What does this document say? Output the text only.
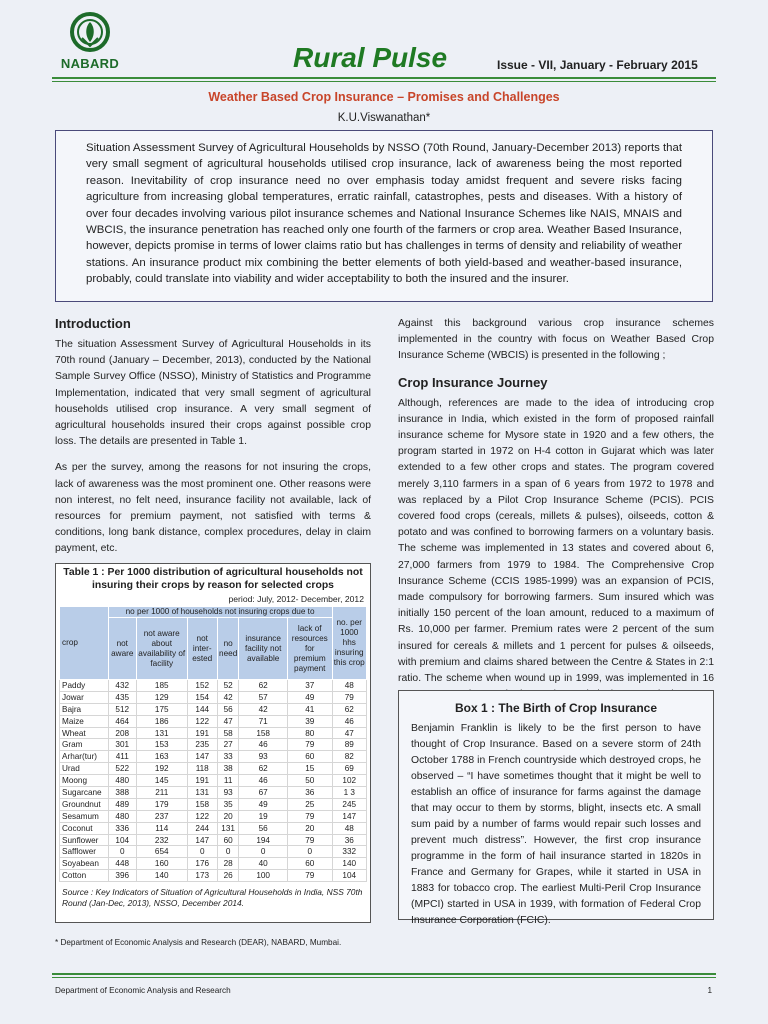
NABARD	Rural Pulse	Issue - VII, January - February 2015
Weather Based Crop Insurance – Promises and Challenges
K.U.Viswanathan*
Situation Assessment Survey of Agricultural Households by NSSO (70th Round, January-December 2013) reports that very small segment of agricultural households utilised crop insurance, lack of awareness being the most reported reason. Inevitability of crop insurance need no over emphasis today amidst frequent and severe risks facing agriculture from increasing global temperatures, erratic rainfall, catastrophes, pests and diseases. With a history of over four decades involving various pilot insurance schemes and National Insurance Schemes like NAIS, MNAIS and WBCIS, the insurance penetration has reached only one fourth of the farmers or crop area. Weather Based Insurance, however, depicts promise in terms of lower claims ratio but has challenges in terms of density and reliability of weather stations. An insurance product mix combining the better elements of both yield-based and weather-based insurance, probably, could translate into viability and wider acceptability to both the insured and the insurer.
Introduction

The situation Assessment Survey of Agricultural Households in its 70th round (January – December, 2013), conducted by the National Sample Survey Office (NSSO), Ministry of Statistics and Programme Implementation, indicated that very small segment of agricultural households utilised crop insurance. A very small segment of agricultural households insured their crops against possible crop loss. The details are presented in Table 1.

As per the survey, among the reasons for not insuring the crops, lack of awareness was the most prominent one. Other reasons were non interest, no felt need, insurance facility not available, lack of resources for premium payment, not satisfied with terms & conditions, long bank distance, complex procedures, delay in claim payment, etc.

Table 1 : Per 1000 distribution of agricultural households not insuring their crops by reason for selected crops
period: July, 2012- December, 2012
crop	no per 1000 of households not insuring crops due to						no. per 1000 hhs insuring this crop
	not aware	not aware about availability of facility	not inter-ested	no need	insurance facility not available	lack of resources for premium payment	
Paddy	432	185	152	52	62	37	48
Jowar	435	129	154	42	57	49	79
Bajra	512	175	144	56	42	41	62
Maize	464	186	122	47	71	39	46
Wheat	208	131	191	58	158	80	47
Gram	301	153	235	27	46	79	89
Arhar(tur)	411	163	147	33	93	60	82
Urad	522	192	118	38	62	15	69
Moong	480	145	191	11	46	50	102
Sugarcane	388	211	131	93	67	36	1 3
Groundnut	489	179	158	35	49	25	245
Sesamum	480	237	122	20	19	79	147
Coconut	336	114	244	131	56	20	48
Sunflower	104	232	147	60	194	79	36
Safflower	0	654	0	0	0	0	332
Soyabean	448	160	176	28	40	60	140
Cotton	396	140	173	26	100	79	104
Source : Key Indicators of Situation of Agricultural Households in India, NSS 70th Round (Jan-Dec, 2013), NSSO, December 2014.

Against this background various crop insurance schemes implemented in the country with focus on Weather Based Crop Insurance Scheme (WBCIS) is presented in the following ;

Crop Insurance Journey

Although, references are made to the idea of introducing crop insurance in India, which existed in the form of proposed rainfall insurance scheme for Mysore state in 1920 and a few others, the program started in 1972 on H-4 cotton in Gujarat which was later extended to a few other crops and states. The program covered merely 3,110 farmers in a span of 6 years from 1972 to 1978 and was replaced by a Pilot Crop Insurance Scheme (PCIS). PCIS covered food crops (cereals, millets & pulses), oilseeds, cotton & potato and was confined to borrowing farmers on a voluntary basis. The scheme was implemented in 13 states and covered about 6, 27,000 farmers from 1979 to 1984. The Comprehensive Crop Insurance Scheme (CCIS 1985-1999) was an expansion of PCIS, made compulsory for borrowing farmers. Sum insured which was initially 150 percent of the loan amount, reduced to a maximum of Rs. 10,000 per farmer. Premium rates were 2 percent of the sum insured for cereals & millets and 1 percent for pulses & oilseeds, with premium and claims shared between the Centre & States in 2:1 ratio. The scheme when wound up in 1999, was implemented in 16

Box 1 : The Birth of Crop Insurance

Benjamin Franklin is likely to be the first person to have thought of Crop Insurance. Based on a severe storm of 24th October 1788 in French countryside which destroyed crops, he observed – “I have sometimes thought that it might be well to establish an office of insurance for farms against the damage that may occur to them by storms, blight, insects etc. A small sum paid by a number of farms would repair such losses and prevent much distress”. However, the first crop insurance programme in the form of hail insurance started in 1820s in France and Germany for Grapes, while it started in USA in 1883 for tobacco crop. The earliest Multi-Peril Crop Insurance (MPCI) started in USA in 1939, with formation of Federal Crop Insurance Corporation (FCIC).

* Department of Economic Analysis and Research (DEAR), NABARD, Mumbai.
Department of Economic Analysis and Research	1
